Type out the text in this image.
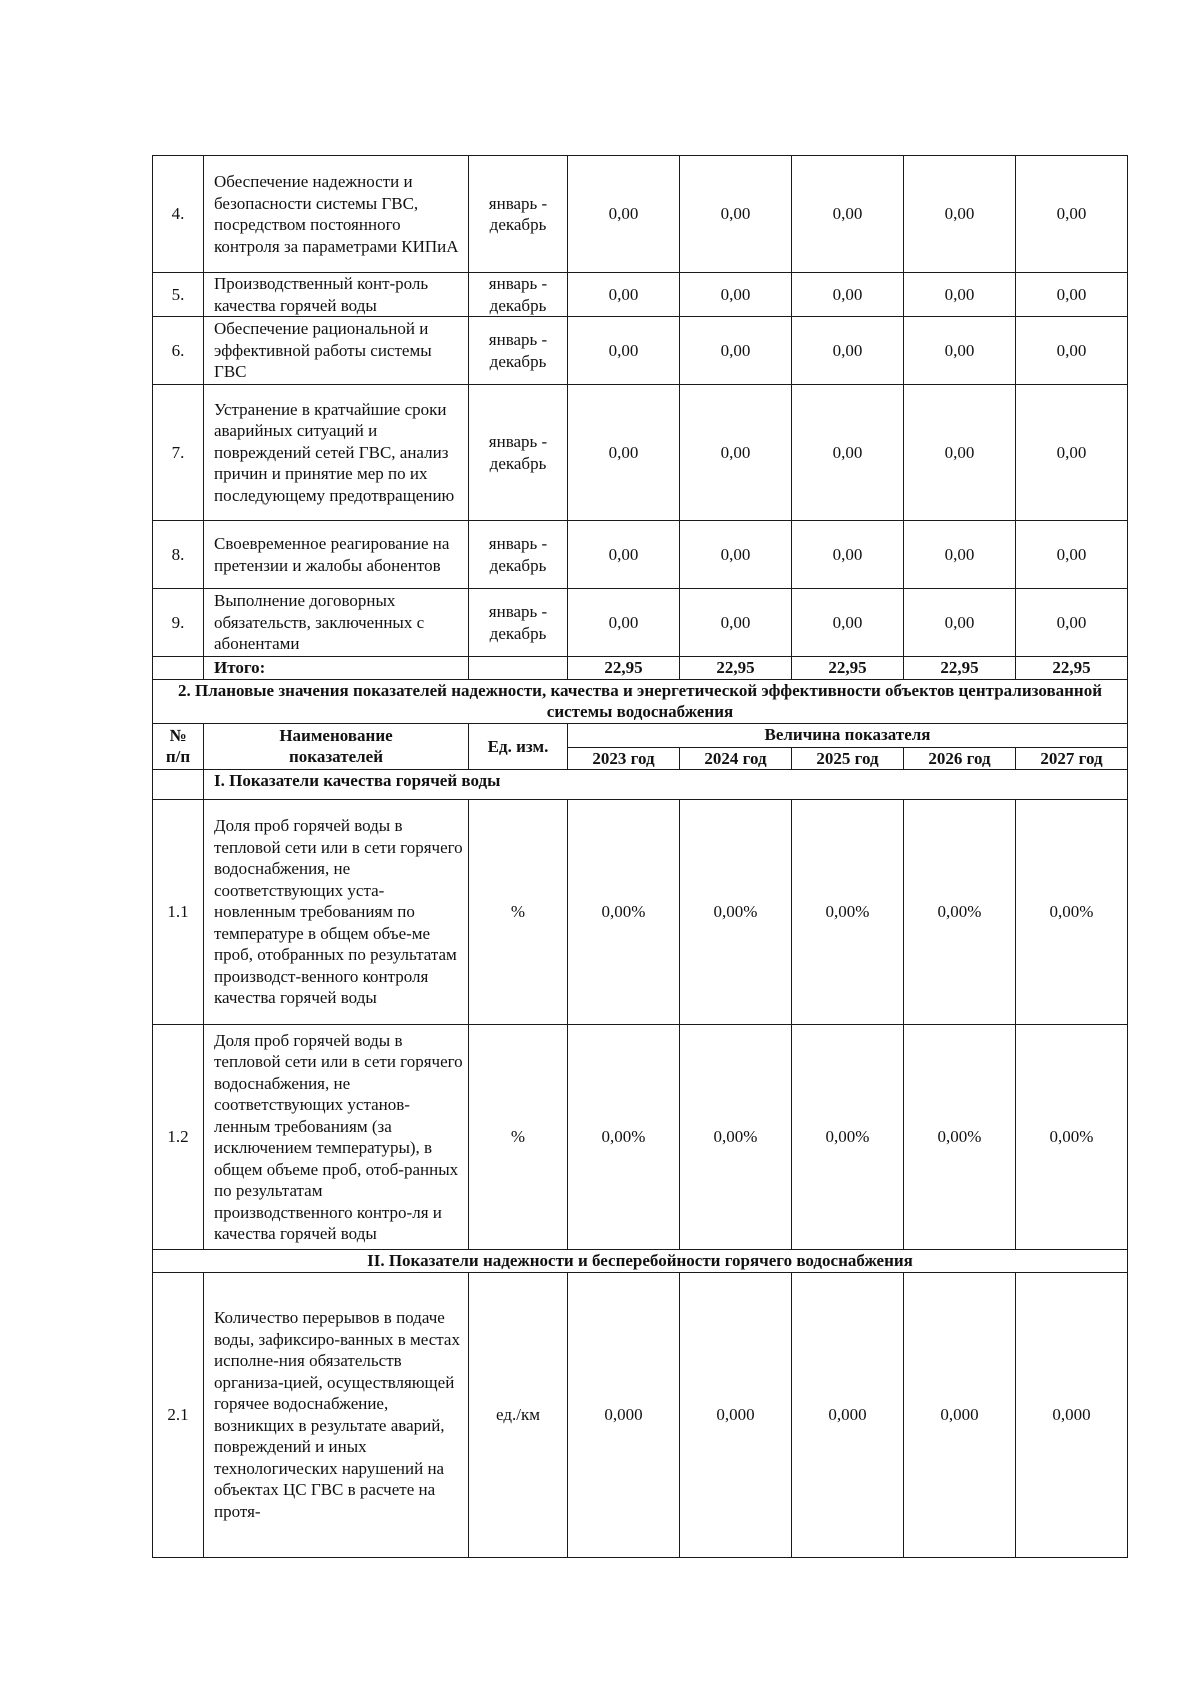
4.	Обеспечение надежности и безопасности системы ГВС, посредством постоянного контроля за параметрами КИПиА	январь - декабрь	0,00	0,00	0,00	0,00	0,00
5.	Производственный конт-роль качества горячей воды	январь - декабрь	0,00	0,00	0,00	0,00	0,00
6.	Обеспечение рациональной и эффективной работы системы ГВС	январь - декабрь	0,00	0,00	0,00	0,00	0,00
7.	Устранение в кратчайшие сроки аварийных ситуаций и повреждений сетей ГВС, анализ причин и принятие мер по их последующему предотвращению	январь - декабрь	0,00	0,00	0,00	0,00	0,00
8.	Своевременное реагирование на претензии и жалобы абонентов	январь - декабрь	0,00	0,00	0,00	0,00	0,00
9.	Выполнение договорных обязательств, заключенных с абонентами	январь - декабрь	0,00	0,00	0,00	0,00	0,00
	Итого:		22,95	22,95	22,95	22,95	22,95
2. Плановые значения показателей надежности, качества и энергетической эффективности объектов централизованной системы водоснабжения							
№ п/п	Наименование показателей	Ед. изм.	Величина показателя				
			2023 год	2024 год	2025 год	2026 год	2027 год
	I. Показатели качества горячей воды						
1.1	Доля проб горячей воды в тепловой сети или в сети горячего водоснабжения, не соответствующих уста-новленным требованиям по температуре в общем объе-ме проб, отобранных по результатам производст-венного контроля качества горячей воды	%	0,00%	0,00%	0,00%	0,00%	0,00%
1.2	Доля проб горячей воды в тепловой сети или в сети горячего водоснабжения, не соответствующих установ-ленным требованиям (за исключением температуры), в общем объеме проб, отоб-ранных по результатам производственного контро-ля и качества горячей воды	%	0,00%	0,00%	0,00%	0,00%	0,00%
II. Показатели надежности и бесперебойности горячего водоснабжения							
2.1	Количество перерывов в подаче воды, зафиксиро-ванных в местах исполне-ния обязательств организа-цией, осуществляющей горячее водоснабжение, возникщих в результате аварий, повреждений и иных технологических нарушений на объектах ЦС ГВС в расчете на протя-	ед./км	0,000	0,000	0,000	0,000	0,000
